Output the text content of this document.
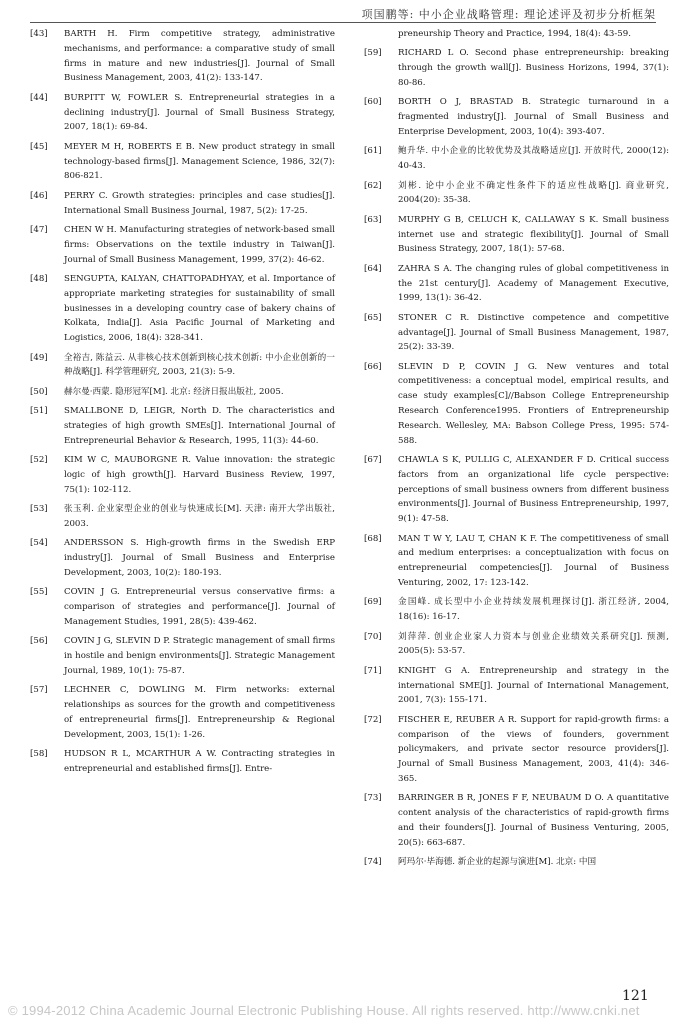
项国鹏等: 中小企业战略管理: 理论述评及初步分析框架
[43]	BARTH H. Firm competitive strategy, administrative mechanisms, and performance: a comparative study of small firms in mature and new industries[J]. Journal of Small Business Management, 2003, 41(2): 133-147.
[44]	BURPITT W, FOWLER S. Entrepreneurial strategies in a declining industry[J]. Journal of Small Business Strategy, 2007, 18(1): 69-84.
[45]	MEYER M H, ROBERTS E B. New product strategy in small technology-based firms[J]. Management Science, 1986, 32(7): 806-821.
[46]	PERRY C. Growth strategies: principles and case studies[J]. International Small Business Journal, 1987, 5(2): 17-25.
[47]	CHEN W H. Manufacturing strategies of network-based small firms: Observations on the textile industry in Taiwan[J]. Journal of Small Business Management, 1999, 37(2): 46-62.
[48]	SENGUPTA, KALYAN, CHATTOPADHYAY, et al. Importance of appropriate marketing strategies for sustainability of small businesses in a developing country case of bakery chains of Kolkata, India[J]. Asia Pacific Journal of Marketing and Logistics, 2006, 18(4): 328-341.
[49]	全裕吉, 陈益云. 从非核心技术创新到核心技术创新: 中小企业创新的一种战略[J]. 科学管理研究, 2003, 21(3): 5-9.
[50]	赫尔曼·西蒙. 隐形冠军[M]. 北京: 经济日报出版社, 2005.
[51]	SMALLBONE D, LEIGR, North D. The characteristics and strategies of high growth SMEs[J]. International Journal of Entrepreneurial Behavior & Research, 1995, 11(3): 44-60.
[52]	KIM W C, MAUBORGNE R. Value innovation: the strategic logic of high growth[J]. Harvard Business Review, 1997, 75(1): 102-112.
[53]	张玉利. 企业家型企业的创业与快速成长[M]. 天津: 南开大学出版社, 2003.
[54]	ANDERSSON S. High-growth firms in the Swedish ERP industry[J]. Journal of Small Business and Enterprise Development, 2003, 10(2): 180-193.
[55]	COVIN J G. Entrepreneurial versus conservative firms: a comparison of strategies and performance[J]. Journal of Management Studies, 1991, 28(5): 439-462.
[56]	COVIN J G, SLEVIN D P. Strategic management of small firms in hostile and benign environments[J]. Strategic Management Journal, 1989, 10(1): 75-87.
[57]	LECHNER C, DOWLING M. Firm networks: external relationships as sources for the growth and competitiveness of entrepreneurial firms[J]. Entrepreneurship & Regional Development, 2003, 15(1): 1-26.
[58]	HUDSON R L, MCARTHUR A W. Contracting strategies in entrepreneurial and established firms[J]. Entre-
preneurship Theory and Practice, 1994, 18(4): 43-59.
[59]	RICHARD L O. Second phase entrepreneurship: breaking through the growth wall[J]. Business Horizons, 1994, 37(1): 80-86.
[60]	BORTH O J, BRASTAD B. Strategic turnaround in a fragmented industry[J]. Journal of Small Business and Enterprise Development, 2003, 10(4): 393-407.
[61]	鲍升华. 中小企业的比较优势及其战略适应[J]. 开放时代, 2000(12): 40-43.
[62]	刘彬. 论中小企业不确定性条件下的适应性战略[J]. 商业研究, 2004(20): 35-38.
[63]	MURPHY G B, CELUCH K, CALLAWAY S K. Small business internet use and strategic flexibility[J]. Journal of Small Business Strategy, 2007, 18(1): 57-68.
[64]	ZAHRA S A. The changing rules of global competitiveness in the 21st century[J]. Academy of Management Executive, 1999, 13(1): 36-42.
[65]	STONER C R. Distinctive competence and competitive advantage[J]. Journal of Small Business Management, 1987, 25(2): 33-39.
[66]	SLEVIN D P, COVIN J G. New ventures and total competitiveness: a conceptual model, empirical results, and case study examples[C]//Babson College Entrepreneurship Research Conference1995. Frontiers of Entrepreneurship Research. Wellesley, MA: Babson College Press, 1995: 574-588.
[67]	CHAWLA S K, PULLIG C, ALEXANDER F D. Critical success factors from an organizational life cycle perspective: perceptions of small business owners from different business environments[J]. Journal of Business Entrepreneurship, 1997, 9(1): 47-58.
[68]	MAN T W Y, LAU T, CHAN K F. The competitiveness of small and medium enterprises: a conceptualization with focus on entrepreneurial competencies[J]. Journal of Business Venturing, 2002, 17: 123-142.
[69]	金国峰. 成长型中小企业持续发展机理探讨[J]. 浙江经济, 2004, 18(16): 16-17.
[70]	刘萍萍. 创业企业家人力资本与创业企业绩效关系研究[J]. 预测, 2005(5): 53-57.
[71]	KNIGHT G A. Entrepreneurship and strategy in the international SME[J]. Journal of International Management, 2001, 7(3): 155-171.
[72]	FISCHER E, REUBER A R. Support for rapid-growth firms: a comparison of the views of founders, government policymakers, and private sector resource providers[J]. Journal of Small Business Management, 2003, 41(4): 346-365.
[73]	BARRINGER B R, JONES F F, NEUBAUM D O. A quantitative content analysis of the characteristics of rapid-growth firms and their founders[J]. Journal of Business Venturing, 2005, 20(5): 663-687.
[74]	阿玛尔·毕海德. 新企业的起源与演进[M]. 北京: 中国
© 1994-2012 China Academic Journal Electronic Publishing House. All rights reserved. http://www.cnki.net
121
